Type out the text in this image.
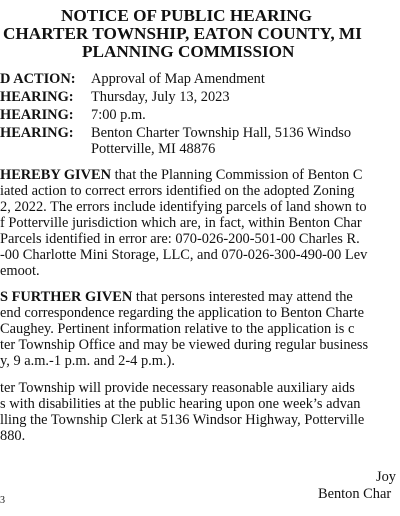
NOTICE OF PUBLIC HEARING
CHARTER TOWNSHIP, EATON COUNTY, MI
PLANNING COMMISSION
D ACTION: Approval of Map Amendment
HEARING: Thursday, July 13, 2023
HEARING: 7:00 p.m.
HEARING: Benton Charter Township Hall, 5136 Windso
Potterville, MI 48876
HEREBY GIVEN that the Planning Commission of Benton C
iated action to correct errors identified on the adopted Zoning
2, 2022. The errors include identifying parcels of land shown to
f Potterville jurisdiction which are, in fact, within Benton Char
Parcels identified in error are: 070-026-200-501-00 Charles R.
-00 Charlotte Mini Storage, LLC, and 070-026-300-490-00 Lev
emoot.
S FURTHER GIVEN that persons interested may attend the
end correspondence regarding the application to Benton Charte
Caughey. Pertinent information relative to the application is c
ter Township Office and may be viewed during regular business
y, 9 a.m.-1 p.m. and 2-4 p.m.).
ter Township will provide necessary reasonable auxiliary aids
s with disabilities at the public hearing upon one week’s advan
lling the Township Clerk at 5136 Windsor Highway, Potterville
880.
Joy
Benton Char
3
